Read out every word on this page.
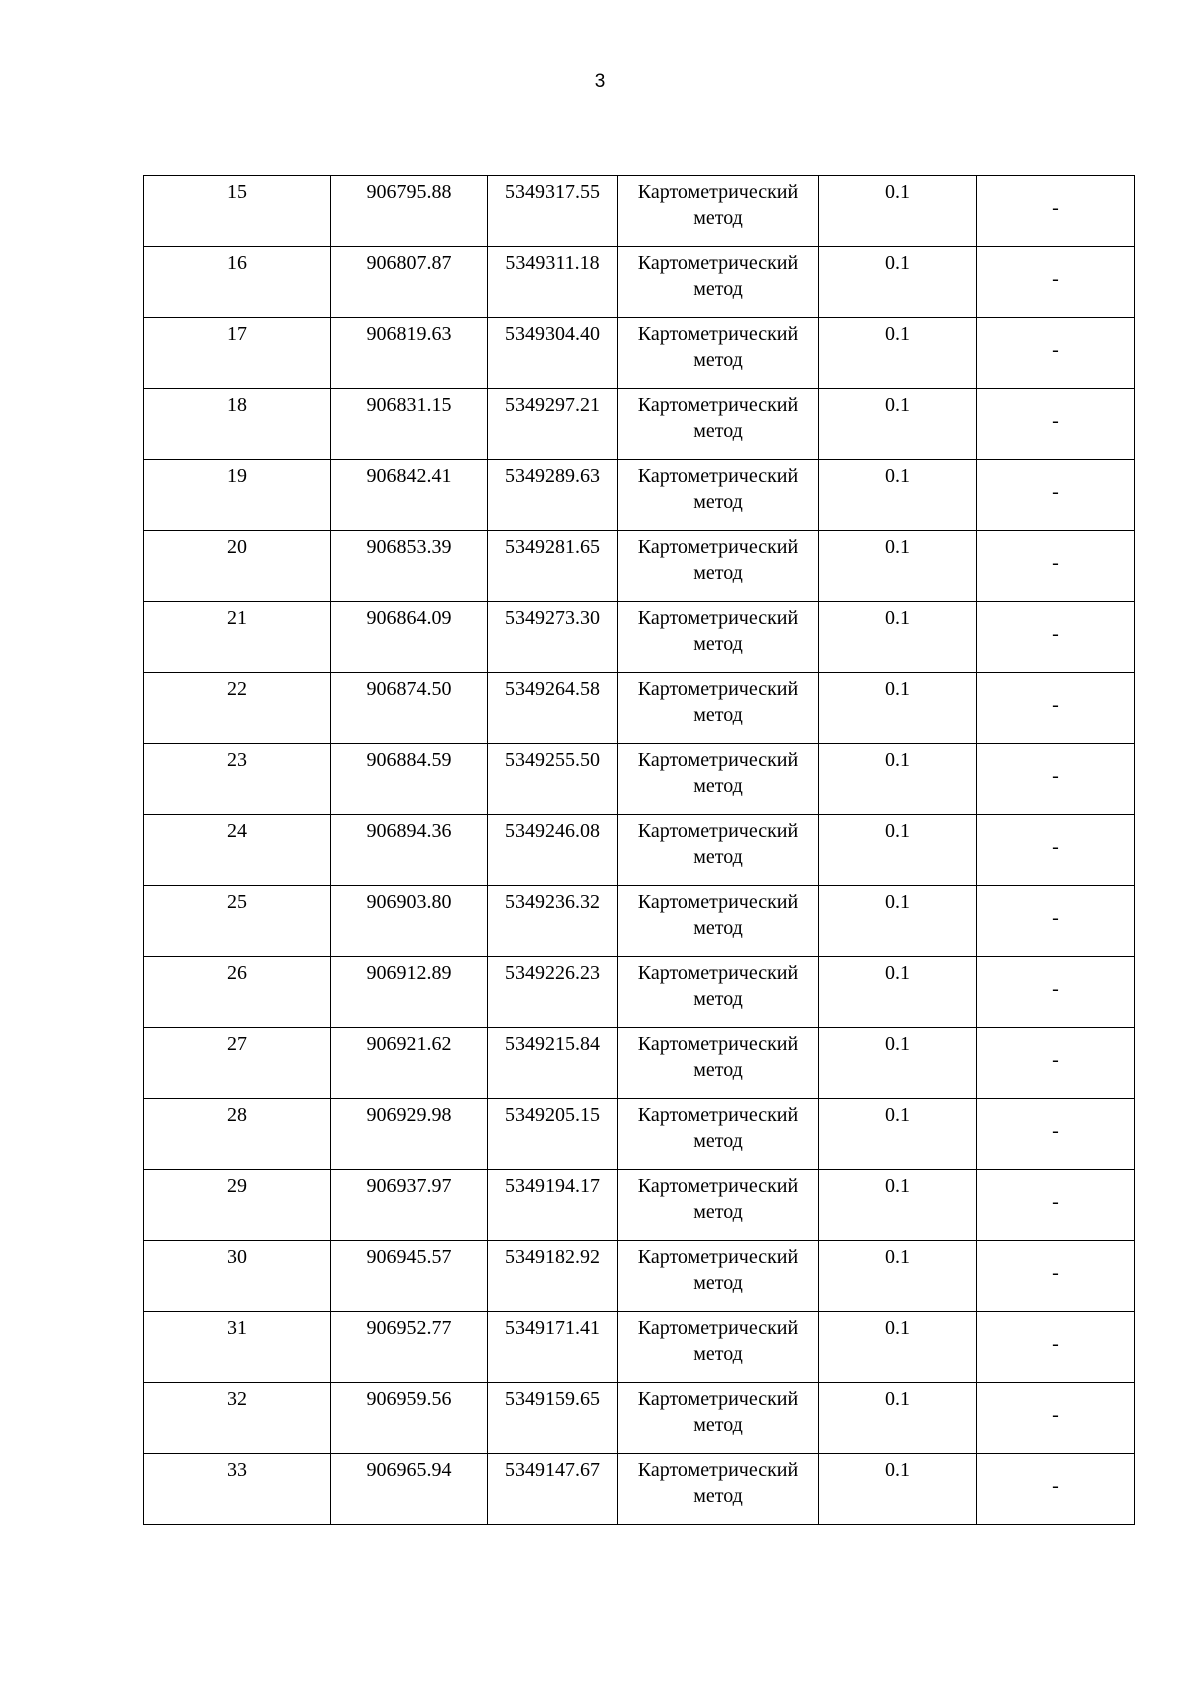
3
15	906795.88	5349317.55	Картометрический метод	0.1	-
16	906807.87	5349311.18	Картометрический метод	0.1	-
17	906819.63	5349304.40	Картометрический метод	0.1	-
18	906831.15	5349297.21	Картометрический метод	0.1	-
19	906842.41	5349289.63	Картометрический метод	0.1	-
20	906853.39	5349281.65	Картометрический метод	0.1	-
21	906864.09	5349273.30	Картометрический метод	0.1	-
22	906874.50	5349264.58	Картометрический метод	0.1	-
23	906884.59	5349255.50	Картометрический метод	0.1	-
24	906894.36	5349246.08	Картометрический метод	0.1	-
25	906903.80	5349236.32	Картометрический метод	0.1	-
26	906912.89	5349226.23	Картометрический метод	0.1	-
27	906921.62	5349215.84	Картометрический метод	0.1	-
28	906929.98	5349205.15	Картометрический метод	0.1	-
29	906937.97	5349194.17	Картометрический метод	0.1	-
30	906945.57	5349182.92	Картометрический метод	0.1	-
31	906952.77	5349171.41	Картометрический метод	0.1	-
32	906959.56	5349159.65	Картометрический метод	0.1	-
33	906965.94	5349147.67	Картометрический метод	0.1	-
